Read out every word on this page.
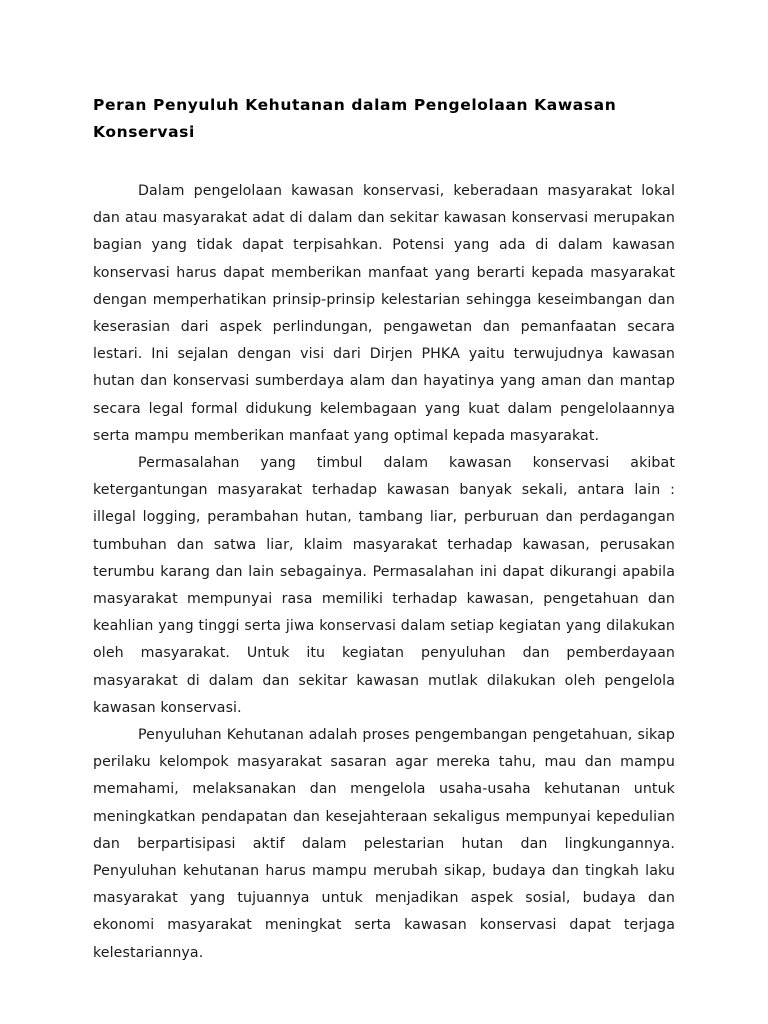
Peran Penyuluh Kehutanan dalam Pengelolaan Kawasan Konservasi

Dalam pengelolaan kawasan konservasi, keberadaan masyarakat lokal dan atau masyarakat adat di dalam dan sekitar kawasan konservasi merupakan bagian yang tidak dapat terpisahkan. Potensi yang ada di dalam kawasan konservasi harus dapat memberikan manfaat yang berarti kepada masyarakat dengan memperhatikan prinsip-prinsip kelestarian sehingga keseimbangan dan keserasian dari aspek perlindungan, pengawetan dan pemanfaatan secara lestari. Ini sejalan dengan visi dari Dirjen PHKA yaitu terwujudnya kawasan hutan dan konservasi sumberdaya alam dan hayatinya yang aman dan mantap secara legal formal didukung kelembagaan yang kuat dalam pengelolaannya serta mampu memberikan manfaat yang optimal kepada masyarakat.

Permasalahan yang timbul dalam kawasan konservasi akibat ketergantungan masyarakat terhadap kawasan banyak sekali, antara lain : illegal logging, perambahan hutan, tambang liar, perburuan dan perdagangan tumbuhan dan satwa liar, klaim masyarakat terhadap kawasan, perusakan terumbu karang dan lain sebagainya. Permasalahan ini dapat dikurangi apabila masyarakat mempunyai rasa memiliki terhadap kawasan, pengetahuan dan keahlian yang tinggi serta jiwa konservasi dalam setiap kegiatan yang dilakukan oleh masyarakat. Untuk itu kegiatan penyuluhan dan pemberdayaan masyarakat di dalam dan sekitar kawasan mutlak dilakukan oleh pengelola kawasan konservasi.

Penyuluhan Kehutanan adalah proses pengembangan pengetahuan, sikap perilaku kelompok masyarakat sasaran agar mereka tahu, mau dan mampu memahami, melaksanakan dan mengelola usaha-usaha kehutanan untuk meningkatkan pendapatan dan kesejahteraan sekaligus mempunyai kepedulian dan berpartisipasi aktif dalam pelestarian hutan dan lingkungannya. Penyuluhan kehutanan harus mampu merubah sikap, budaya dan tingkah laku masyarakat yang tujuannya untuk menjadikan aspek sosial, budaya dan ekonomi masyarakat meningkat serta kawasan konservasi dapat terjaga kelestariannya.
